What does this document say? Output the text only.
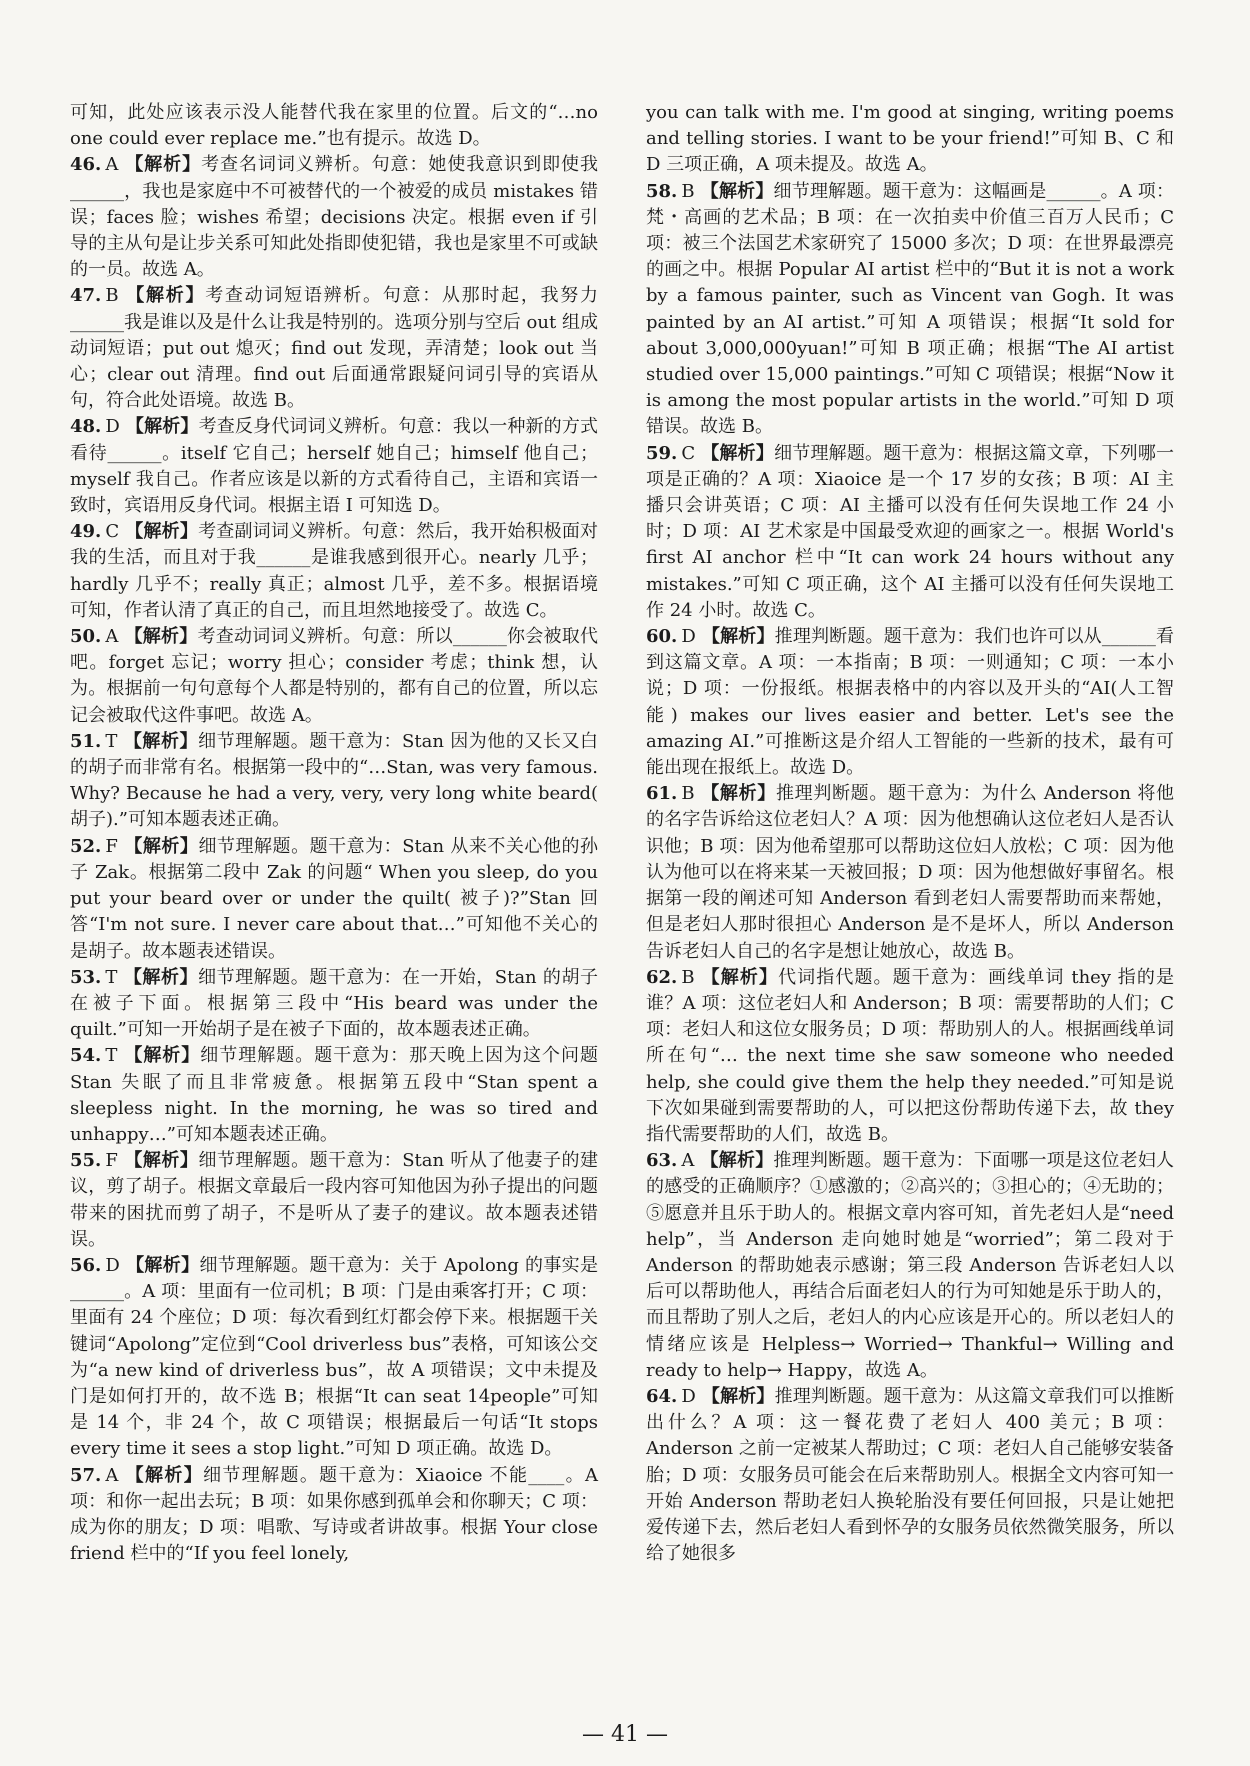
可知，此处应该表示没人能替代我在家里的位置。后文的“…no one could ever replace me.”也有提示。故选 D。

46. A 【解析】考查名词词义辨析。句意：她使我意识到即使我______，我也是家庭中不可被替代的一个被爱的成员 mistakes 错误；faces 脸；wishes 希望；decisions 决定。根据 even if 引导的主从句是让步关系可知此处指即使犯错，我也是家里不可或缺的一员。故选 A。

47. B 【解析】考查动词短语辨析。句意：从那时起，我努力______我是谁以及是什么让我是特别的。选项分别与空后 out 组成动词短语；put out 熄灭；find out 发现，弄清楚；look out 当心；clear out 清理。find out 后面通常跟疑问词引导的宾语从句，符合此处语境。故选 B。

48. D 【解析】考查反身代词词义辨析。句意：我以一种新的方式看待______。itself 它自己；herself 她自己；himself 他自己；myself 我自己。作者应该是以新的方式看待自己，主语和宾语一致时，宾语用反身代词。根据主语 I 可知选 D。

49. C 【解析】考查副词词义辨析。句意：然后，我开始积极面对我的生活，而且对于我______是谁我感到很开心。nearly 几乎；hardly 几乎不；really 真正；almost 几乎，差不多。根据语境可知，作者认清了真正的自己，而且坦然地接受了。故选 C。

50. A 【解析】考查动词词义辨析。句意：所以______你会被取代吧。forget 忘记；worry 担心；consider 考虑；think 想，认为。根据前一句句意每个人都是特别的，都有自己的位置，所以忘记会被取代这件事吧。故选 A。

51. T 【解析】细节理解题。题干意为：Stan 因为他的又长又白的胡子而非常有名。根据第一段中的“…Stan, was very famous. Why? Because he had a very, very, very long white beard( 胡子).”可知本题表述正确。

52. F 【解析】细节理解题。题干意为：Stan 从来不关心他的孙子 Zak。根据第二段中 Zak 的问题“ When you sleep, do you put your beard over or under the quilt( 被子)?”Stan 回答“I'm not sure. I never care about that…”可知他不关心的是胡子。故本题表述错误。

53. T 【解析】细节理解题。题干意为：在一开始，Stan 的胡子在被子下面。根据第三段中“His beard was under the quilt.”可知一开始胡子是在被子下面的，故本题表述正确。

54. T 【解析】细节理解题。题干意为：那天晚上因为这个问题 Stan 失眠了而且非常疲惫。根据第五段中“Stan spent a sleepless night. In the morning, he was so tired and unhappy…”可知本题表述正确。

55. F 【解析】细节理解题。题干意为：Stan 听从了他妻子的建议，剪了胡子。根据文章最后一段内容可知他因为孙子提出的问题带来的困扰而剪了胡子，不是听从了妻子的建议。故本题表述错误。

56. D 【解析】细节理解题。题干意为：关于 Apolong 的事实是______。A 项：里面有一位司机；B 项：门是由乘客打开；C 项：里面有 24 个座位；D 项：每次看到红灯都会停下来。根据题干关键词“Apolong”定位到“Cool driverless bus”表格，可知该公交为“a new kind of driverless bus”，故 A 项错误；文中未提及门是如何打开的，故不选 B；根据“It can seat 14people”可知是 14 个，非 24 个，故 C 项错误；根据最后一句话“It stops every time it sees a stop light.”可知 D 项正确。故选 D。

57. A 【解析】细节理解题。题干意为：Xiaoice 不能____。A 项：和你一起出去玩；B 项：如果你感到孤单会和你聊天；C 项：成为你的朋友；D 项：唱歌、写诗或者讲故事。根据 Your close friend 栏中的“If you feel lonely,

you can talk with me. I'm good at singing, writing poems and telling stories. I want to be your friend!”可知 B、C 和 D 三项正确，A 项未提及。故选 A。

58. B 【解析】细节理解题。题干意为：这幅画是______。A 项：梵・高画的艺术品；B 项：在一次拍卖中价值三百万人民币；C 项：被三个法国艺术家研究了 15000 多次；D 项：在世界最漂亮的画之中。根据 Popular AI artist 栏中的“But it is not a work by a famous painter, such as Vincent van Gogh. It was painted by an AI artist.”可知 A 项错误；根据“It sold for about 3,000,000yuan!”可知 B 项正确；根据“The AI artist studied over 15,000 paintings.”可知 C 项错误；根据“Now it is among the most popular artists in the world.”可知 D 项错误。故选 B。

59. C 【解析】细节理解题。题干意为：根据这篇文章，下列哪一项是正确的？A 项：Xiaoice 是一个 17 岁的女孩；B 项：AI 主播只会讲英语；C 项：AI 主播可以没有任何失误地工作 24 小时；D 项：AI 艺术家是中国最受欢迎的画家之一。根据 World's first AI anchor 栏中“It can work 24 hours without any mistakes.”可知 C 项正确，这个 AI 主播可以没有任何失误地工作 24 小时。故选 C。

60. D 【解析】推理判断题。题干意为：我们也许可以从______看到这篇文章。A 项：一本指南；B 项：一则通知；C 项：一本小说；D 项：一份报纸。根据表格中的内容以及开头的“AI(人工智能) makes our lives easier and better. Let's see the amazing AI.”可推断这是介绍人工智能的一些新的技术，最有可能出现在报纸上。故选 D。

61. B 【解析】推理判断题。题干意为：为什么 Anderson 将他的名字告诉给这位老妇人？A 项：因为他想确认这位老妇人是否认识他；B 项：因为他希望那可以帮助这位妇人放松；C 项：因为他认为他可以在将来某一天被回报；D 项：因为他想做好事留名。根据第一段的阐述可知 Anderson 看到老妇人需要帮助而来帮她，但是老妇人那时很担心 Anderson 是不是坏人，所以 Anderson 告诉老妇人自己的名字是想让她放心，故选 B。

62. B 【解析】代词指代题。题干意为：画线单词 they 指的是谁？A 项：这位老妇人和 Anderson；B 项：需要帮助的人们；C 项：老妇人和这位女服务员；D 项：帮助别人的人。根据画线单词所在句“… the next time she saw someone who needed help, she could give them the help they needed.”可知是说下次如果碰到需要帮助的人，可以把这份帮助传递下去，故 they 指代需要帮助的人们，故选 B。

63. A 【解析】推理判断题。题干意为：下面哪一项是这位老妇人的感受的正确顺序？①感激的；②高兴的；③担心的；④无助的；⑤愿意并且乐于助人的。根据文章内容可知，首先老妇人是“need help”，当 Anderson 走向她时她是“worried”；第二段对于 Anderson 的帮助她表示感谢；第三段 Anderson 告诉老妇人以后可以帮助他人，再结合后面老妇人的行为可知她是乐于助人的，而且帮助了别人之后，老妇人的内心应该是开心的。所以老妇人的情绪应该是 Helpless→ Worried→ Thankful→ Willing and ready to help→ Happy，故选 A。

64. D 【解析】推理判断题。题干意为：从这篇文章我们可以推断出什么？A 项：这一餐花费了老妇人 400 美元；B 项：Anderson 之前一定被某人帮助过；C 项：老妇人自己能够安装备胎；D 项：女服务员可能会在后来帮助别人。根据全文内容可知一开始 Anderson 帮助老妇人换轮胎没有要任何回报，只是让她把爱传递下去，然后老妇人看到怀孕的女服务员依然微笑服务，所以给了她很多

— 41 —
